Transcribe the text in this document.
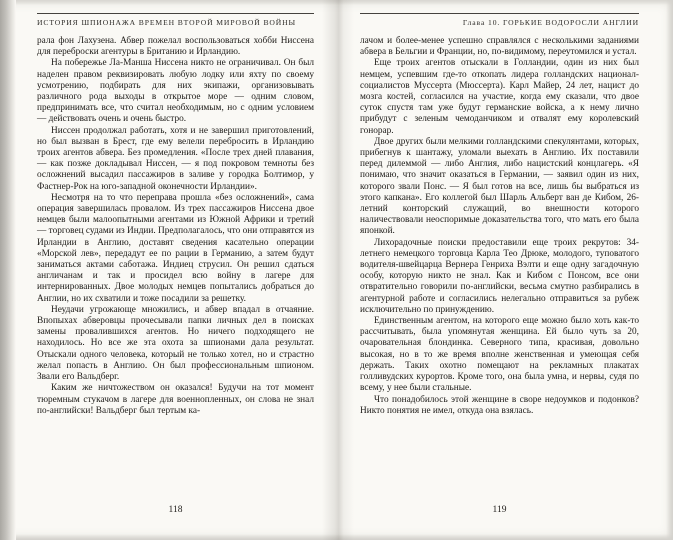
ИСТОРИЯ ШПИОНАЖА ВРЕМЕН ВТОРОЙ МИРОВОЙ ВОЙНЫ

рала фон Лахузена. Абвер пожелал воспользоваться хобби Ниссена для переброски агентуры в Британию и Ирландию.

На побережье Ла-Манша Ниссена никто не ограничивал. Он был наделен правом реквизировать любую лодку или яхту по своему усмотрению, подбирать для них экипажи, организовывать различного рода выходы в открытое море — одним словом, предпринимать все, что считал необходимым, но с одним условием — действовать очень и очень быстро.

Ниссен продолжал работать, хотя и не завершил приготовлений, но был вызван в Брест, где ему велели перебросить в Ирландию троих агентов абвера. Без промедления. «После трех дней плавания, — как позже докладывал Ниссен, — я под покровом темноты без осложнений высадил пассажиров в заливе у городка Болтимор, у Фастнер-Рок на юго-западной оконечности Ирландии».

Несмотря на то что переправа прошла «без осложнений», сама операция завершилась провалом. Из трех пассажиров Ниссена двое немцев были малоопытными агентами из Южной Африки и третий — торговец судами из Индии. Предполагалось, что они отправятся из Ирландии в Англию, доставят сведения касательно операции «Морской лев», передадут ее по рации в Германию, а затем будут заниматься актами саботажа. Индиец струсил. Он решил сдаться англичанам и так и просидел всю войну в лагере для интернированных. Двое молодых немцев попытались добраться до Англии, но их схватили и тоже посадили за решетку.

Неудачи угрожающе множились, и абвер впадал в отчаяние. Впопыхах абверовцы прочесывали папки личных дел в поисках замены провалившихся агентов. Но ничего подходящего не находилось. Но все же эта охота за шпионами дала результат. Отыскали одного человека, который не только хотел, но и страстно желал попасть в Англию. Он был профессиональным шпионом. Звали его Вальдберг.

Каким же ничтожеством он оказался! Будучи на тот момент тюремным стукачом в лагере для военнопленных, он слова не знал по-английски! Вальдберг был тертым ка-

118
Глава 10. ГОРЬКИЕ ВОДОРОСЛИ АНГЛИИ

лачом и более-менее успешно справлялся с несколькими заданиями абвера в Бельгии и Франции, но, по-видимому, переутомился и устал.

Еще троих агентов отыскали в Голландии, один из них был немцем, успевшим где-то откопать лидера голландских национал-социалистов Муссерта (Мюссерта). Карл Майер, 24 лет, нацист до мозга костей, согласился на участие, когда ему сказали, что двое суток спустя там уже будут германские войска, а к нему лично прибудут с зеленым чемоданчиком и отвалят ему королевский гонорар.

Двое других были мелкими голландскими спекулянтами, которых, прибегнув к шантажу, уломали выехать в Англию. Их поставили перед дилеммой — либо Англия, либо нацистский концлагерь. «Я понимаю, что значит оказаться в Германии, — заявил один из них, которого звали Понс. — Я был готов на все, лишь бы выбраться из этого капкана». Его коллегой был Шарль Альберт ван де Кибом, 26-летний конторский служащий, во внешности которого наличествовали неоспоримые доказательства того, что мать его была японкой.

Лихорадочные поиски предоставили еще троих рекрутов: 34-летнего немецкого торговца Карла Тео Дрюке, молодого, туповатого водителя-швейцарца Вернера Генриха Вэлти и еще одну загадочную особу, которую никто не знал. Как и Кибом с Понсом, все они отвратительно говорили по-английски, весьма смутно разбирались в агентурной работе и согласились нелегально отправиться за рубеж исключительно по принуждению.

Единственным агентом, на которого еще можно было хоть как-то рассчитывать, была упомянутая женщина. Ей было чуть за 20, очаровательная блондинка. Северного типа, красивая, довольно высокая, но в то же время вполне женственная и умеющая себя держать. Таких охотно помещают на рекламных плакатах голливудских курортов. Кроме того, она была умна, и нервы, судя по всему, у нее были стальные.

Что понадобилось этой женщине в своре недоумков и подонков? Никто понятия не имел, откуда она взялась.

119
